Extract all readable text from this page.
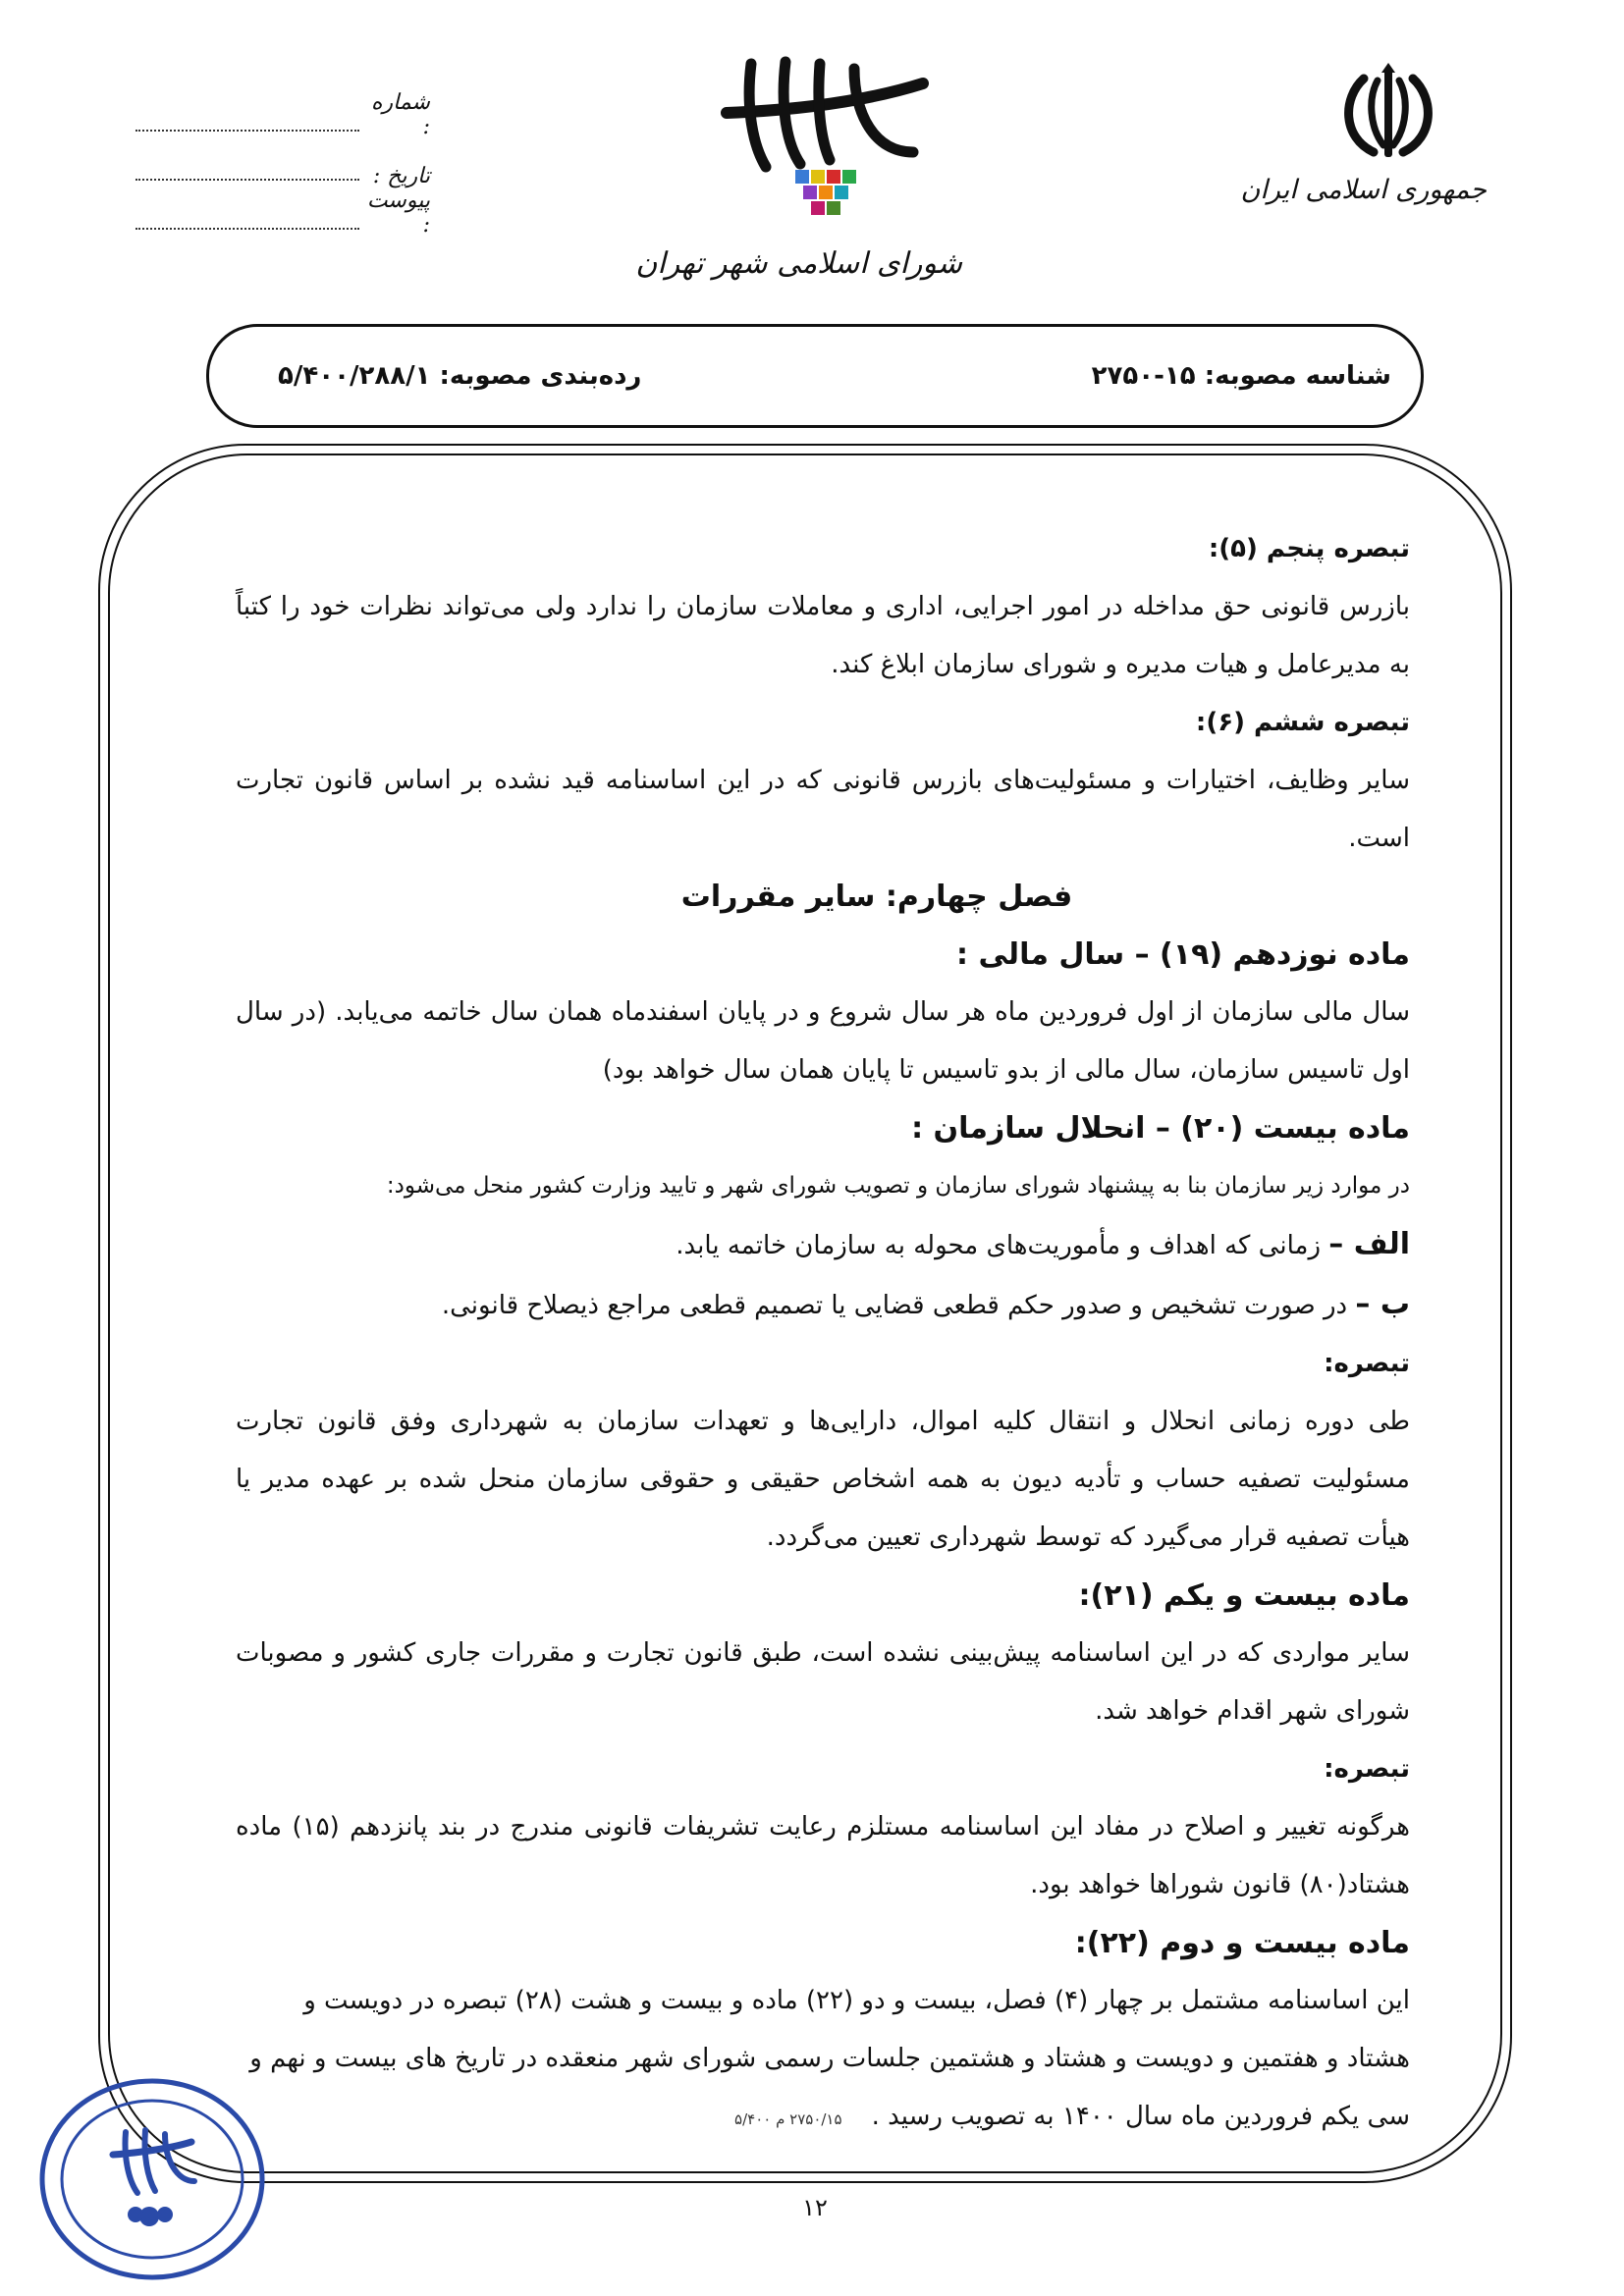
جمهوری اسلامی ایران
شورای اسلامی شهر تهران
شماره :
تاریخ :
پیوست :
شناسه مصوبه: ۱۵-۲۷۵۰
رده‌بندی مصوبه: ۵/۴۰۰/۲۸۸/۱

تبصره پنجم (۵):

بازرس قانونی حق مداخله در امور اجرایی، اداری و معاملات سازمان را ندارد ولی می‌تواند نظرات خود را کتباً به مدیرعامل و هیات مدیره و شورای سازمان ابلاغ کند.

تبصره ششم (۶):

سایر وظایف، اختیارات و مسئولیت‌های بازرس قانونی که در این اساسنامه قید نشده بر اساس قانون تجارت است.

فصل چهارم: سایر مقررات

ماده نوزدهم (۱۹) – سال مالی :

سال مالی سازمان از اول فروردین ماه هر سال شروع و در پایان اسفندماه همان سال خاتمه می‌یابد. (در سال اول تاسیس سازمان، سال مالی از بدو تاسیس تا پایان همان سال خواهد بود)

ماده بیست (۲۰) – انحلال سازمان :

در موارد زیر سازمان بنا به پیشنهاد شورای سازمان و تصویب شورای شهر و تایید وزارت کشور منحل می‌شود:

الف – زمانی که اهداف و مأموریت‌های محوله به سازمان خاتمه یابد.

ب – در صورت تشخیص و صدور حکم قطعی قضایی یا تصمیم قطعی مراجع ذیصلاح قانونی.

تبصره:

طی دوره زمانی انحلال و انتقال کلیه اموال، دارایی‌ها و تعهدات سازمان به شهرداری وفق قانون تجارت مسئولیت تصفیه حساب و تأدیه دیون به همه اشخاص حقیقی و حقوقی سازمان منحل شده بر عهده مدیر یا هیأت تصفیه قرار می‌گیرد که توسط شهرداری تعیین می‌گردد.

ماده بیست و یکم (۲۱):

سایر مواردی که در این اساسنامه پیش‌بینی نشده است، طبق قانون تجارت و مقررات جاری کشور و مصوبات شورای شهر اقدام خواهد شد.

تبصره:

هرگونه تغییر و اصلاح در مفاد این اساسنامه مستلزم رعایت تشریفات قانونی مندرج در بند پانزدهم (۱۵) ماده هشتاد(۸۰) قانون شوراها خواهد بود.

ماده بیست و دوم (۲۲):

این اساسنامه مشتمل بر چهار (۴) فصل، بیست و دو (۲۲) ماده و بیست و هشت (۲۸) تبصره در دویست و هشتاد و هفتمین و دویست و هشتاد و هشتمین جلسات رسمی شورای شهر منعقده در تاریخ های بیست و نهم و سی یکم فروردین ماه سال ۱۴۰۰ به تصویب رسید .۲۷۵۰/۱۵ م ۵/۴۰۰

۱۲
